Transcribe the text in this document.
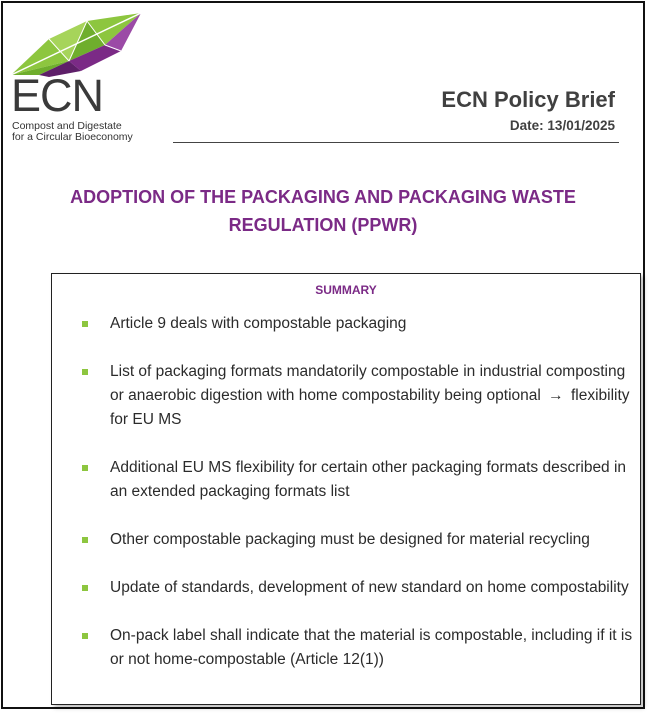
ECN
Compost and Digestate
for a Circular Bioeconomy
ECN Policy Brief
Date: 13/01/2025
ADOPTION OF THE PACKAGING AND PACKAGING WASTE
REGULATION (PPWR)
SUMMARY
Article 9 deals with compostable packaging
List of packaging formats mandatorily compostable in industrial composting or anaerobic digestion with home compostability being optional → flexibility for EU MS
Additional EU MS flexibility for certain other packaging formats described in an extended packaging formats list
Other compostable packaging must be designed for material recycling
Update of standards, development of new standard on home compostability
On-pack label shall indicate that the material is compostable, including if it is or not home-compostable (Article 12(1))
